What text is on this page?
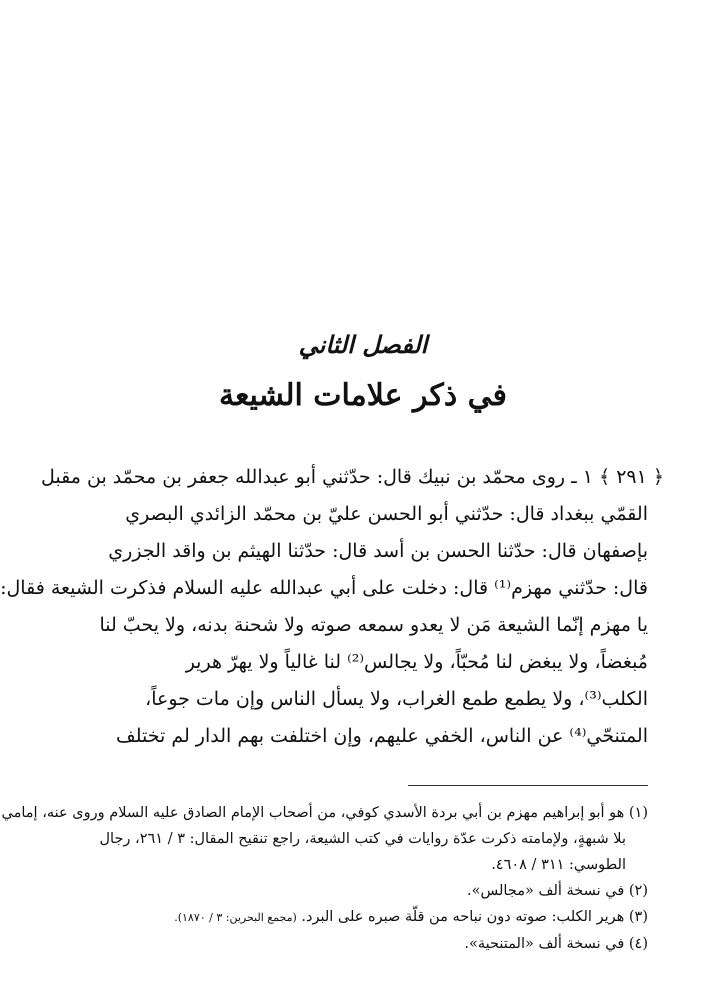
الفصل الثاني
في ذكر علامات الشيعة
﴿ ٢٩١ ﴾ ١ ـ روى محمّد بن نبيك قال: حدّثني أبو عبدالله جعفر بن محمّد بن مقبل
القمّي ببغداد قال: حدّثني أبو الحسن عليّ بن محمّد الزائدي البصري
بإصفهان قال: حدّثنا الحسن بن أسد قال: حدّثنا الهيثم بن واقد الجزري
قال: حدّثني مهزم⁽¹⁾ قال: دخلت على أبي عبدالله عليه السلام فذكرت الشيعة فقال:
يا مهزم إنّما الشيعة مَن لا يعدو سمعه صوته ولا شحنة بدنه، ولا يحبّ لنا
مُبغضاً، ولا يبغض لنا مُحبّاً، ولا يجالس⁽²⁾ لنا غالياً ولا يهرّ هرير
الكلب⁽³⁾، ولا يطمع طمع الغراب، ولا يسأل الناس وإن مات جوعاً،
المتنحّي⁽⁴⁾ عن الناس، الخفي عليهم، وإن اختلفت بهم الدار لم تختلف
(١) هو أبو إبراهيم مهزم بن أبي بردة الأسدي كوفي، من أصحاب الإمام الصادق عليه السلام وروى عنه، إمامي
بلا شبهةٍ، ولإمامته ذكرت عدّة روايات في كتب الشيعة، راجع تنقيح المقال: ٣ / ٢٦١، رجال
الطوسي: ٣١١ / ٤٦٠٨.
(٢) في نسخة ألف «مجالس».
(٣) هرير الكلب: صوته دون نباحه من قلّة صبره على البرد. (مجمع البحرين: ٣ / ١٨٧٠).
(٤) في نسخة ألف «المتنحية».
